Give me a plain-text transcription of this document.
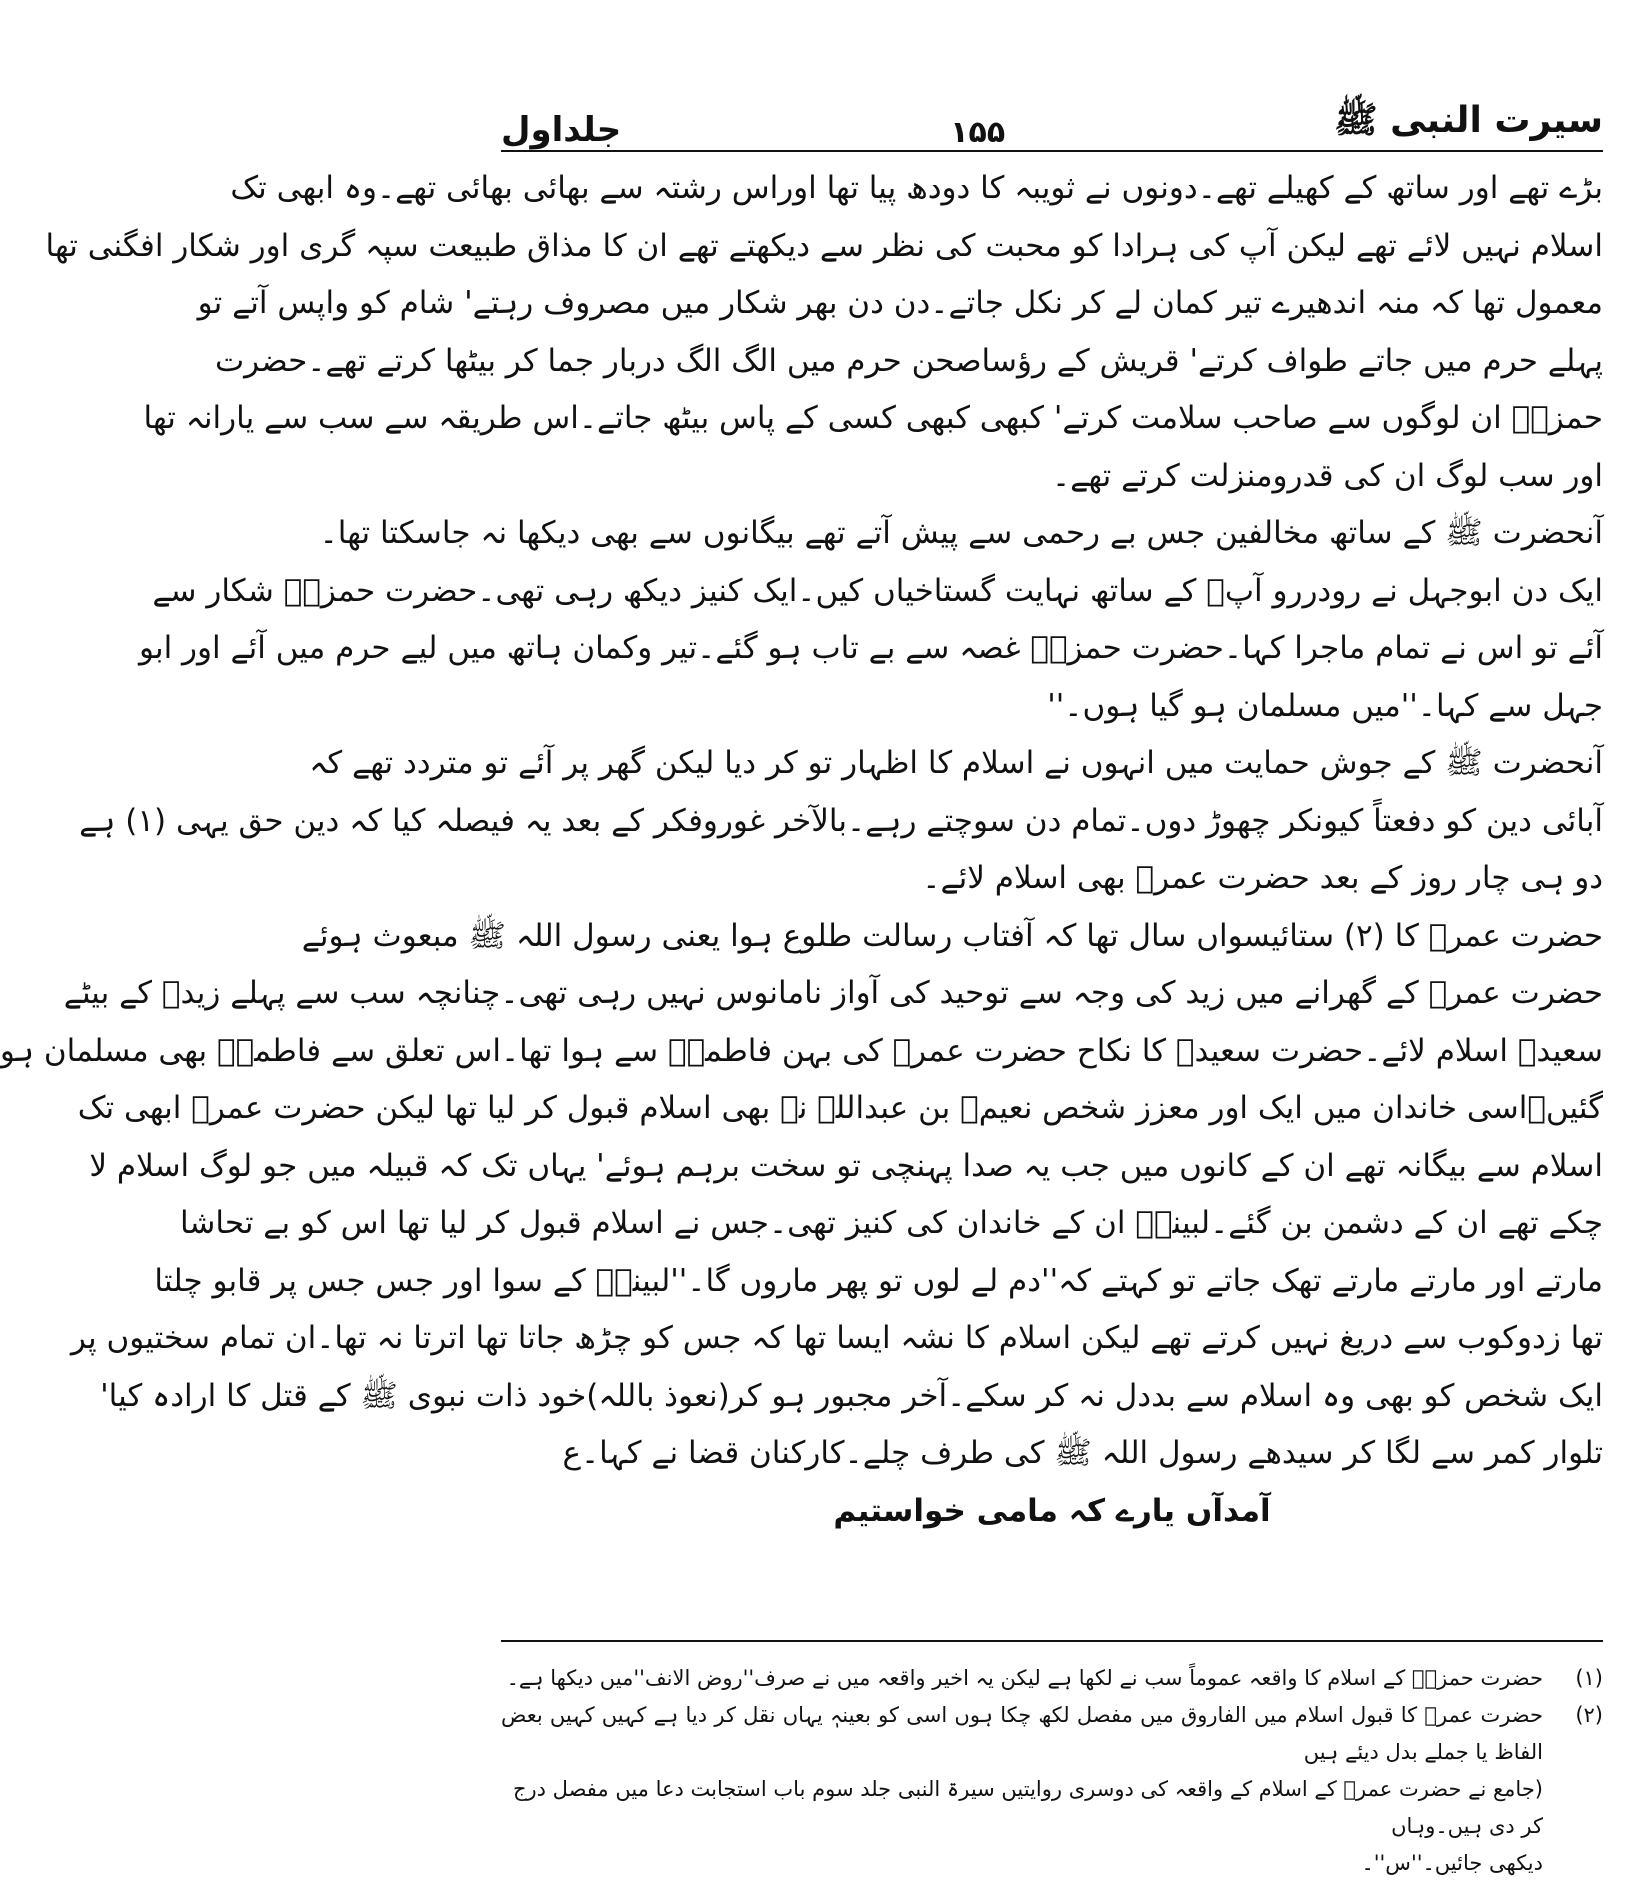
سیرت النبی ﷺ
۱۵۵
جلداول
بڑے تھے اور ساتھ کے کھیلے تھے۔دونوں نے ثویبہ کا دودھ پیا تھا اوراس رشتہ سے بھائی بھائی تھے۔وہ ابھی تک
اسلام نہیں لائے تھے لیکن آپ کی ہرادا کو محبت کی نظر سے دیکھتے تھے ان کا مذاق طبیعت سپہ گری اور شکار افگنی تھا
معمول تھا کہ منہ اندھیرے تیر کمان لے کر نکل جاتے۔دن دن بھر شکار میں مصروف رہتے' شام کو واپس آتے تو
پہلے حرم میں جاتے طواف کرتے' قریش کے رؤساصحن حرم میں الگ الگ دربار جما کر بیٹھا کرتے تھے۔حضرت
حمزہؓ ان لوگوں سے صاحب سلامت کرتے' کبھی کبھی کسی کے پاس بیٹھ جاتے۔اس طریقہ سے سب سے یارانہ تھا
اور سب لوگ ان کی قدرومنزلت کرتے تھے۔
آنحضرت ﷺ کے ساتھ مخالفین جس بے رحمی سے پیش آتے تھے بیگانوں سے بھی دیکھا نہ جاسکتا تھا۔
ایک دن ابوجہل نے رودررو آپؐ کے ساتھ نہایت گستاخیاں کیں۔ایک کنیز دیکھ رہی تھی۔حضرت حمزہؓ شکار سے
آئے تو اس نے تمام ماجرا کہا۔حضرت حمزہؓ غصہ سے بے تاب ہو گئے۔تیر وکمان ہاتھ میں لیے حرم میں آئے اور ابو
جہل سے کہا۔''میں مسلمان ہو گیا ہوں۔''
آنحضرت ﷺ کے جوش حمایت میں انہوں نے اسلام کا اظہار تو کر دیا لیکن گھر پر آئے تو متردد تھے کہ
آبائی دین کو دفعتاً کیونکر چھوڑ دوں۔تمام دن سوچتے رہے۔بالآخر غوروفکر کے بعد یہ فیصلہ کیا کہ دین حق یہی (۱) ہے
دو ہی چار روز کے بعد حضرت عمرؓ بھی اسلام لائے۔
حضرت عمرؓ کا (۲) ستائیسواں سال تھا کہ آفتاب رسالت طلوع ہوا یعنی رسول اللہ ﷺ مبعوث ہوئے
حضرت عمرؓ کے گھرانے میں زید کی وجہ سے توحید کی آواز نامانوس نہیں رہی تھی۔چنانچہ سب سے پہلے زیدؓ کے بیٹے
سعیدؓ اسلام لائے۔حضرت سعیدؓ کا نکاح حضرت عمرؓ کی بہن فاطمہؓ سے ہوا تھا۔اس تعلق سے فاطمہؓ بھی مسلمان ہو
گئیں۔اسی خاندان میں ایک اور معزز شخص نعیمؓ بن عبداللہ نے بھی اسلام قبول کر لیا تھا لیکن حضرت عمرؓ ابھی تک
اسلام سے بیگانہ تھے ان کے کانوں میں جب یہ صدا پہنچی تو سخت برہم ہوئے' یہاں تک کہ قبیلہ میں جو لوگ اسلام لا
چکے تھے ان کے دشمن بن گئے۔لبینہؓ ان کے خاندان کی کنیز تھی۔جس نے اسلام قبول کر لیا تھا اس کو بے تحاشا
مارتے اور مارتے مارتے تھک جاتے تو کہتے کہ''دم لے لوں تو پھر ماروں گا۔''لبینہؓ کے سوا اور جس جس پر قابو چلتا
تھا زدوکوب سے دریغ نہیں کرتے تھے لیکن اسلام کا نشہ ایسا تھا کہ جس کو چڑھ جاتا تھا اترتا نہ تھا۔ان تمام سختیوں پر
ایک شخص کو بھی وہ اسلام سے بددل نہ کر سکے۔آخر مجبور ہو کر(نعوذ باللہ)خود ذات نبوی ﷺ کے قتل کا ارادہ کیا'
تلوار کمر سے لگا کر سیدھے رسول اللہ ﷺ کی طرف چلے۔کارکنان قضا نے کہا۔ع
آمدآں یارے کہ مامی خواستیم
(۱)
حضرت حمزہؓ کے اسلام کا واقعہ عموماً سب نے لکھا ہے لیکن یہ اخیر واقعہ میں نے صرف''روض الانف''میں دیکھا ہے۔
(۲)
حضرت عمرؓ کا قبول اسلام میں الفاروق میں مفصل لکھ چکا ہوں اسی کو بعینہٖ یہاں نقل کر دیا ہے کہیں کہیں بعض الفاظ یا جملے بدل دیئے ہیں
(جامع نے حضرت عمرؓ کے اسلام کے واقعہ کی دوسری روایتیں سیرۃ النبی جلد سوم باب استجابت دعا میں مفصل درج کر دی ہیں۔وہاں
دیکھی جائیں۔''س''۔
